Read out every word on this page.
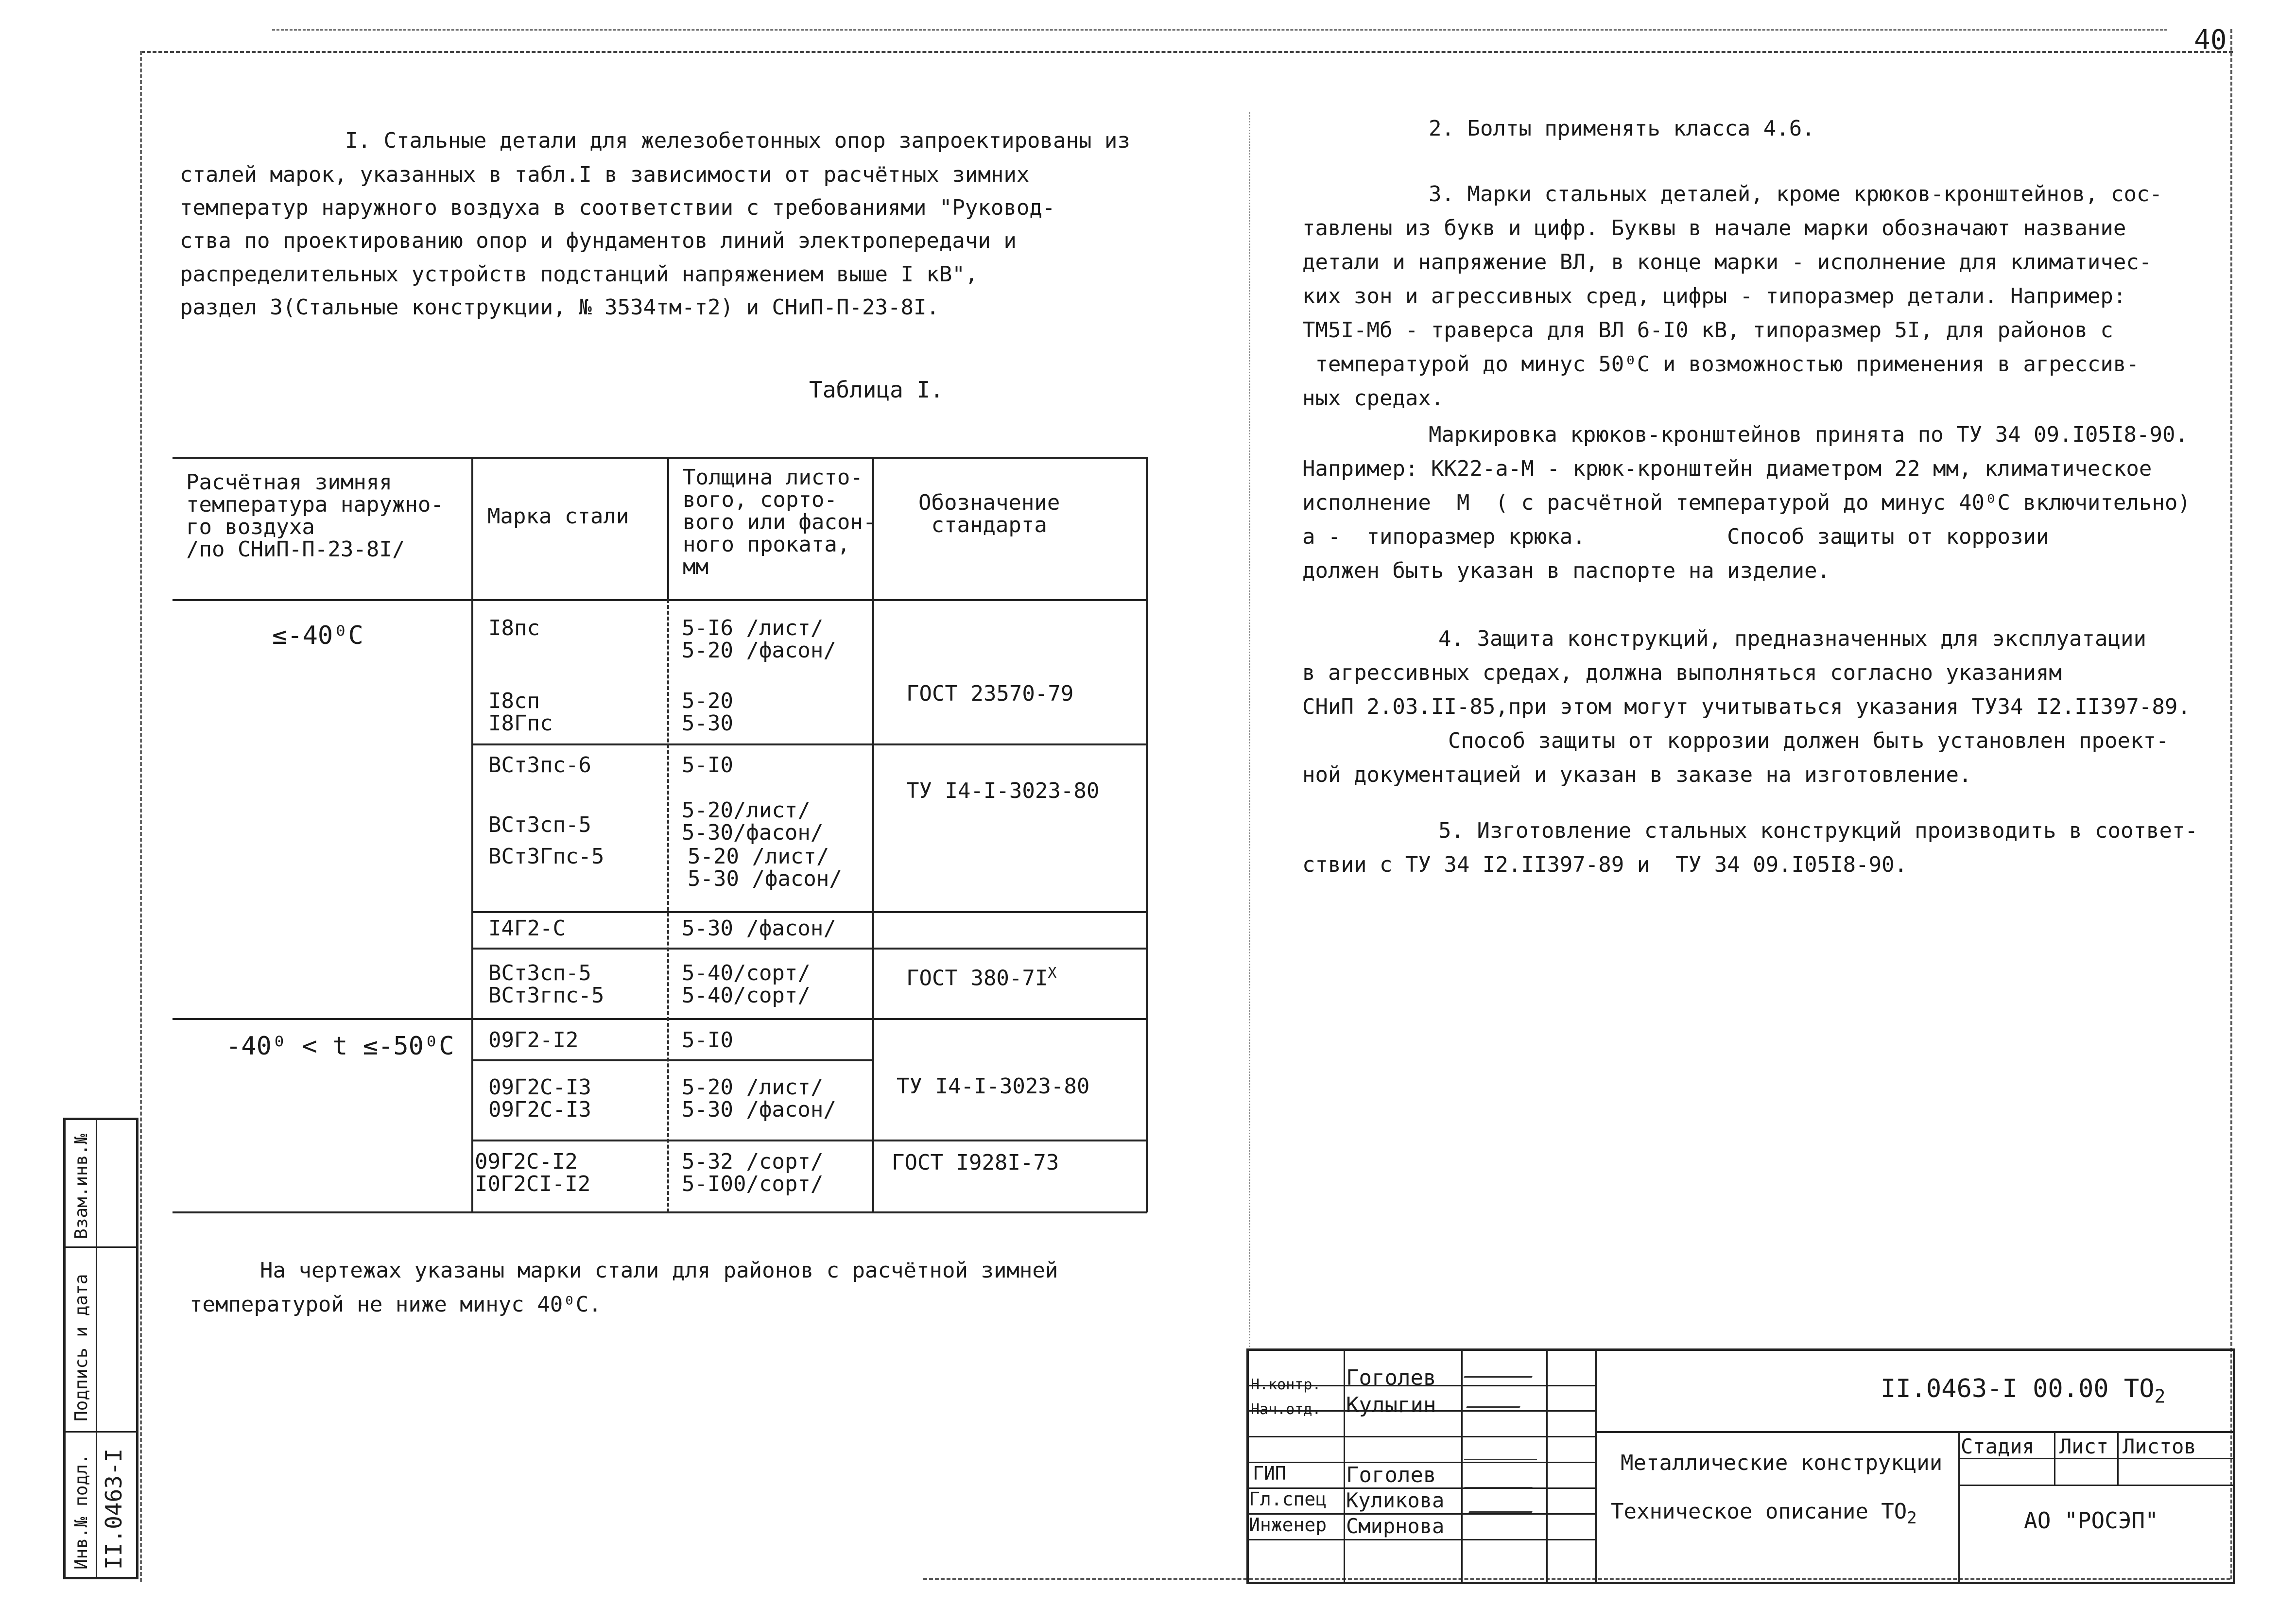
40
I. Стальные детали для железобетонных опор запроектированы из
сталей марок, указанных в табл.I в зависимости от расчётных зимних
температур наружного воздуха в соответствии с требованиями "Руковод-
ства по проектированию опор и фундаментов линий электропередачи и
распределительных устройств подстанций напряжением выше I кВ",
раздел 3(Стальные конструкции, № 3534тм-т2) и СНиП-П-23-8I.
Таблица I.
Расчётная зимняя
температура наружно-
го воздуха
/по СНиП-П-23-8I/
Марка стали
Толщина листо-
вого, сорто-
вого или фасон-
ного проката,
мм
Обозначение
стандарта
≤-40⁰С
-40⁰ < t ≤-50⁰С
I8пс
I8сп
I8Гпс
ВСт3пс-6
ВСт3сп-5
ВСт3Гпс-5
I4Г2-С
ВСт3сп-5
ВСт3гпс-5
09Г2-I2
09Г2С-I3
09Г2С-I3
09Г2С-I2
I0Г2СI-I2
5-I6 /лист/
5-20 /фасон/
5-20
5-30
5-I0
5-20/лист/
5-30/фасон/
5-20 /лист/
5-30 /фасон/
5-30 /фасон/
5-40/сорт/
5-40/сорт/
5-I0
5-20 /лист/
5-30 /фасон/
5-32 /сорт/
5-I00/сорт/
ГОСТ 23570-79
ТУ I4-I-3023-80
ГОСТ $380-7I^Х$
ТУ I4-I-3023-80
ГОСТ I928I-73
На чертежах указаны марки стали для районов с расчётной зимней
температурой не ниже минус 40⁰С.
2. Болты применять класса 4.6.
3. Марки стальных деталей, кроме крюков-кронштейнов, сос-
тавлены из букв и цифр. Буквы в начале марки обозначают название
детали и напряжение ВЛ, в конце марки - исполнение для климатичес-
ких зон и агрессивных сред, цифры - типоразмер детали. Например:
ТМ5I-Мб - траверса для ВЛ 6-I0 кВ, типоразмер 5I, для районов с
температурой до минус 50⁰С и возможностью применения в агрессив-
ных средах.
Маркировка крюков-кронштейнов принята по ТУ 34 09.I05I8-90.
Например: КК22-а-М - крюк-кронштейн диаметром 22 мм, климатическое
исполнение  М  ( с расчётной температурой до минус 40⁰С включительно)
а -  типоразмер крюка.           Способ защиты от коррозии
должен быть указан в паспорте на изделие.
4. Защита конструкций, предназначенных для эксплуатации
в агрессивных средах, должна выполняться согласно указаниям
СНиП 2.03.II-85,при этом могут учитываться указания ТУ34 I2.II397-89.
Способ защиты от коррозии должен быть установлен проект-
ной документацией и указан в заказе на изготовление.
5. Изготовление стальных конструкций производить в соответ-
ствии с ТУ 34 I2.II397-89 и  ТУ 34 09.I05I8-90.
Н.контр.
Нач.отд.
ГИП
Гл.спец
Инженер
Гоголев
Кулыгин
Гоголев
Куликова
Смирнова
II.0463-I 00.00 $ТО_2$
Металлические конструкции
Техническое описание $ТО_2$
Стадия Лист Листов
АО "РОСЭП"
Инв.№ подл.
Подпись и дата
Взам.инв.№
II.0463-I
